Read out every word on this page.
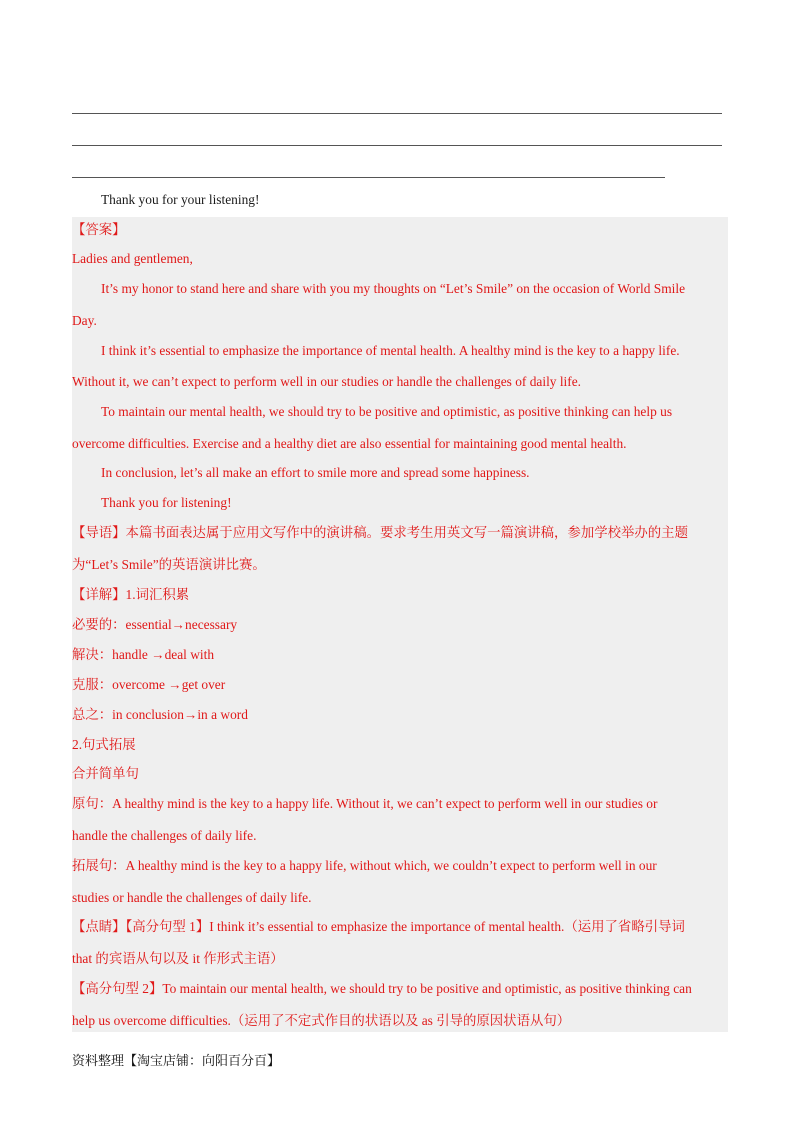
Thank you for your listening!
【答案】
Ladies and gentlemen,
It’s my honor to stand here and share with you my thoughts on “Let’s Smile” on the occasion of World Smile
Day.
I think it’s essential to emphasize the importance of mental health. A healthy mind is the key to a happy life.
Without it, we can’t expect to perform well in our studies or handle the challenges of daily life.
To maintain our mental health, we should try to be positive and optimistic, as positive thinking can help us
overcome difficulties. Exercise and a healthy diet are also essential for maintaining good mental health.
In conclusion, let’s all make an effort to smile more and spread some happiness.
Thank you for listening!
【导语】本篇书面表达属于应用文写作中的演讲稿。要求考生用英文写一篇演讲稿，参加学校举办的主题
为“Let’s Smile”的英语演讲比赛。
【详解】1.词汇积累
必要的：essential→necessary
解决：handle →deal with
克服：overcome →get over
总之：in conclusion→in a word
2.句式拓展
合并简单句
原句：A healthy mind is the key to a happy life. Without it, we can’t expect to perform well in our studies or
handle the challenges of daily life.
拓展句：A healthy mind is the key to a happy life, without which, we couldn’t expect to perform well in our
studies or handle the challenges of daily life.
【点睛】【高分句型 1】I think it’s essential to emphasize the importance of mental health.（运用了省略引导词
that 的宾语从句以及 it 作形式主语）
【高分句型 2】To maintain our mental health, we should try to be positive and optimistic, as positive thinking can
help us overcome difficulties.（运用了不定式作目的状语以及 as 引导的原因状语从句）
资料整理【淘宝店铺：向阳百分百】
